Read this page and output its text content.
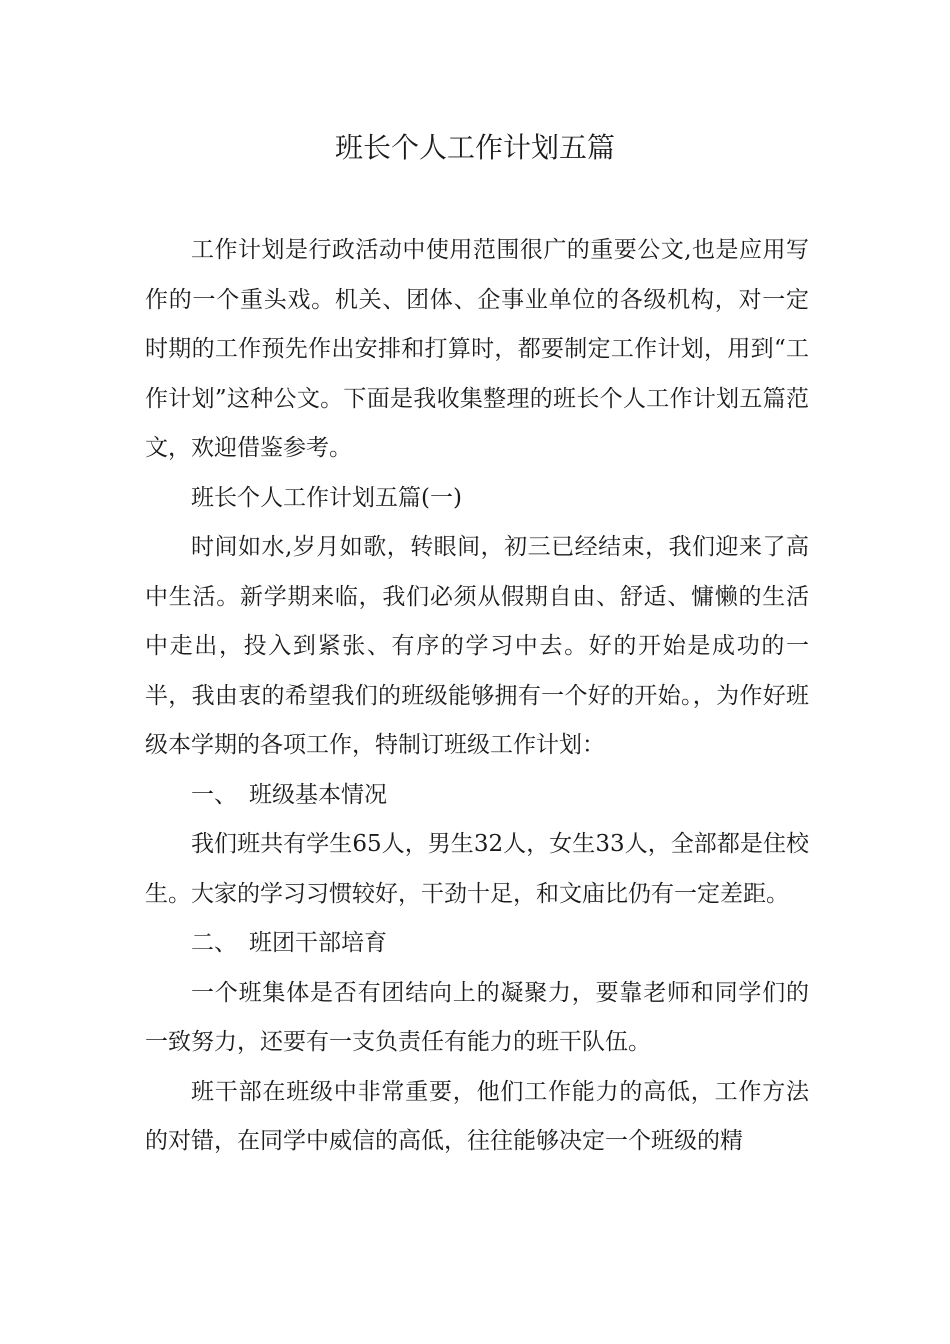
班长个人工作计划五篇

工作计划是行政活动中使用范围很广的重要公文,也是应用写作的一个重头戏。机关、团体、企事业单位的各级机构，对一定时期的工作预先作出安排和打算时，都要制定工作计划，用到“工作计划”这种公文。下面是我收集整理的班长个人工作计划五篇范文，欢迎借鉴参考。

班长个人工作计划五篇(一)

时间如水,岁月如歌，转眼间，初三已经结束，我们迎来了高中生活。新学期来临，我们必须从假期自由、舒适、慵懒的生活中走出，投入到紧张、有序的学习中去。好的开始是成功的一半，我由衷的希望我们的班级能够拥有一个好的开始。，为作好班级本学期的各项工作，特制订班级工作计划：

一、 班级基本情况

我们班共有学生65人，男生32人，女生33人，全部都是住校生。大家的学习习惯较好，干劲十足，和文庙比仍有一定差距。

二、 班团干部培育

一个班集体是否有团结向上的凝聚力，要靠老师和同学们的一致努力，还要有一支负责任有能力的班干队伍。

班干部在班级中非常重要，他们工作能力的高低，工作方法的对错，在同学中威信的高低，往往能够决定一个班级的精
